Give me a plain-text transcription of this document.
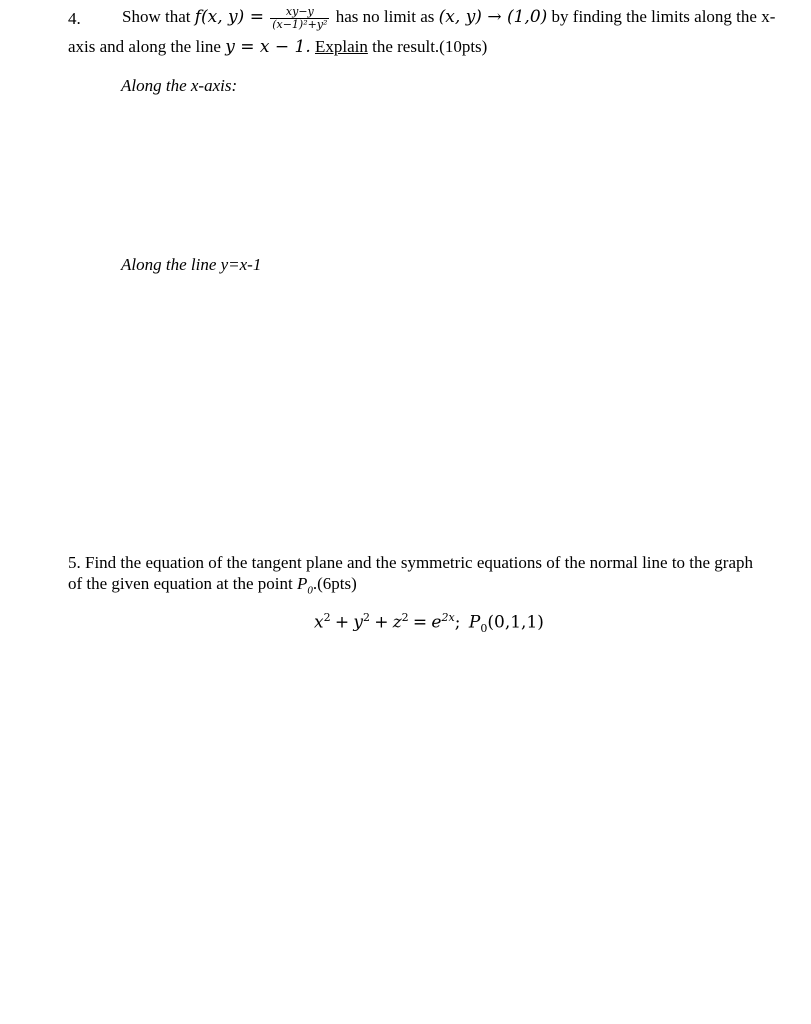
4. Show that f(x, $y) = \frac{xy-y}{\text{(x−1)²+y²}}$ has no limit as (x, y) → (1,0) by finding the limits along the x-
axis and along the line y = x − 1. Explain the result.(10pts)
Along the x-axis:
Along the line y=x-1
5. Find the equation of the tangent plane and the symmetric equations of the normal line to the graph
of the given equation at the point $P_0.(6pts)$
$x^2 + y^2 + z^2 = e^{2x}$; $P_0(0,1,1)$
